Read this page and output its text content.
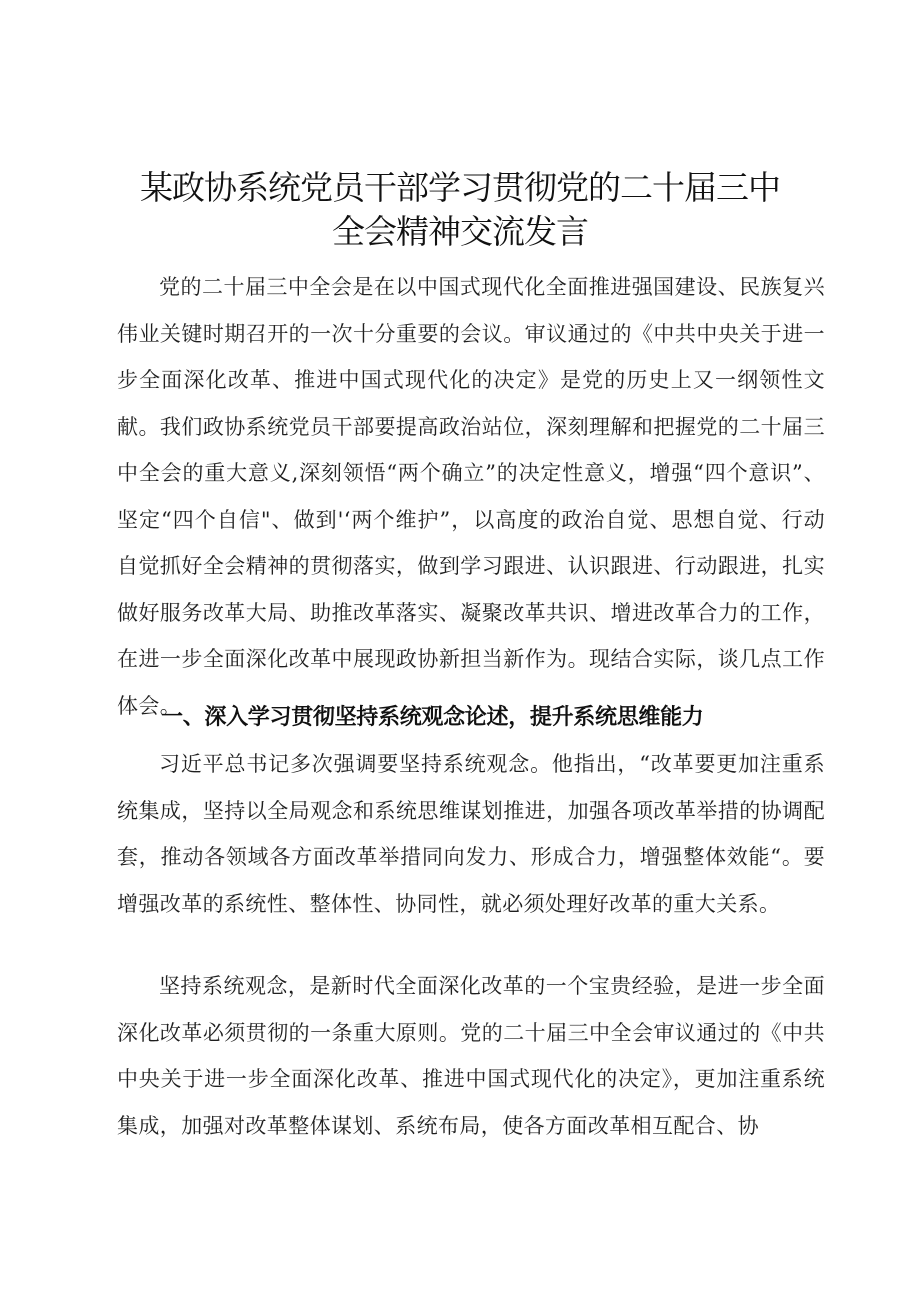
某政协系统党员干部学习贯彻党的二十届三中
全会精神交流发言

党的二十届三中全会是在以中国式现代化全面推进强国建设、民族复兴伟业关键时期召开的一次十分重要的会议。审议通过的《中共中央关于进一步全面深化改革、推进中国式现代化的决定》是党的历史上又一纲领性文献。我们政协系统党员干部要提高政治站位，深刻理解和把握党的二十届三中全会的重大意义,深刻领悟“两个确立”的决定性意义，增强“四个意识”、坚定“四个自信"、做到'‘两个维护”，以高度的政治自觉、思想自觉、行动自觉抓好全会精神的贯彻落实，做到学习跟进、认识跟进、行动跟进，扎实做好服务改革大局、助推改革落实、凝聚改革共识、增进改革合力的工作，在进一步全面深化改革中展现政协新担当新作为。现结合实际，谈几点工作体会。

一、深入学习贯彻坚持系统观念论述，提升系统思维能力

习近平总书记多次强调要坚持系统观念。他指出，“改革要更加注重系统集成，坚持以全局观念和系统思维谋划推进，加强各项改革举措的协调配套，推动各领域各方面改革举措同向发力、形成合力，增强整体效能“。要增强改革的系统性、整体性、协同性，就必须处理好改革的重大关系。

坚持系统观念，是新时代全面深化改革的一个宝贵经验，是进一步全面深化改革必须贯彻的一条重大原则。党的二十届三中全会审议通过的《中共中央关于进一步全面深化改革、推进中国式现代化的决定》，更加注重系统集成，加强对改革整体谋划、系统布局，使各方面改革相互配合、协
